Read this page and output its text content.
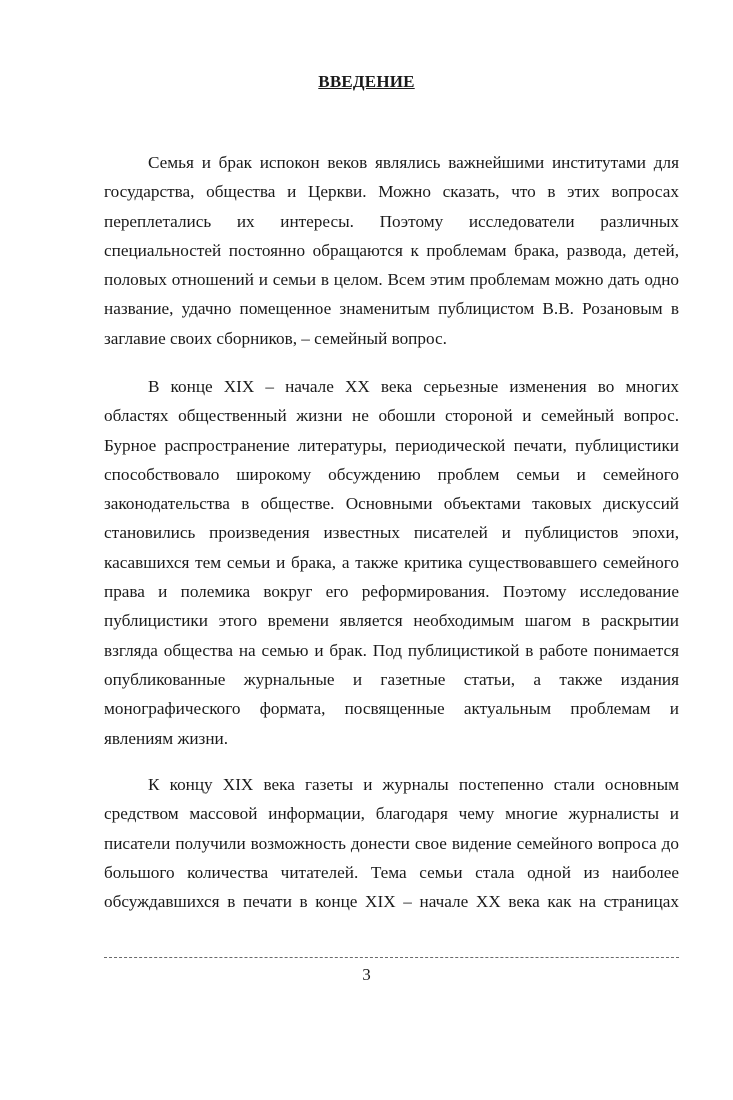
ВВЕДЕНИЕ
Семья и брак испокон веков являлись важнейшими институтами для
государства, общества и Церкви. Можно сказать, что в этих вопросах
переплетались их интересы. Поэтому исследователи различных
специальностей постоянно обращаются к проблемам брака, развода, детей,
половых отношений и семьи в целом. Всем этим проблемам можно дать одно
название, удачно помещенное знаменитым публицистом В.В. Розановым в
заглавие своих сборников, – семейный вопрос.
В конце XIX – начале XX века серьезные изменения во многих
областях общественный жизни не обошли стороной и семейный вопрос.
Бурное распространение литературы, периодической печати, публицистики
способствовало широкому обсуждению проблем семьи и семейного
законодательства в обществе. Основными объектами таковых дискуссий
становились произведения известных писателей и публицистов эпохи,
касавшихся тем семьи и брака, а также критика существовавшего семейного
права и полемика вокруг его реформирования. Поэтому исследование
публицистики этого времени является необходимым шагом в раскрытии
взгляда общества на семью и брак. Под публицистикой в работе понимается
опубликованные журнальные и газетные статьи, а также издания
монографического формата, посвященные актуальным проблемам и
явлениям жизни.
К концу XIX века газеты и журналы постепенно стали основным
средством массовой информации, благодаря чему многие журналисты и
писатели получили возможность донести свое видение семейного вопроса до
большого количества читателей. Тема семьи стала одной из наиболее
обсуждавшихся в печати в конце XIX – начале XX века как на страницах
3
